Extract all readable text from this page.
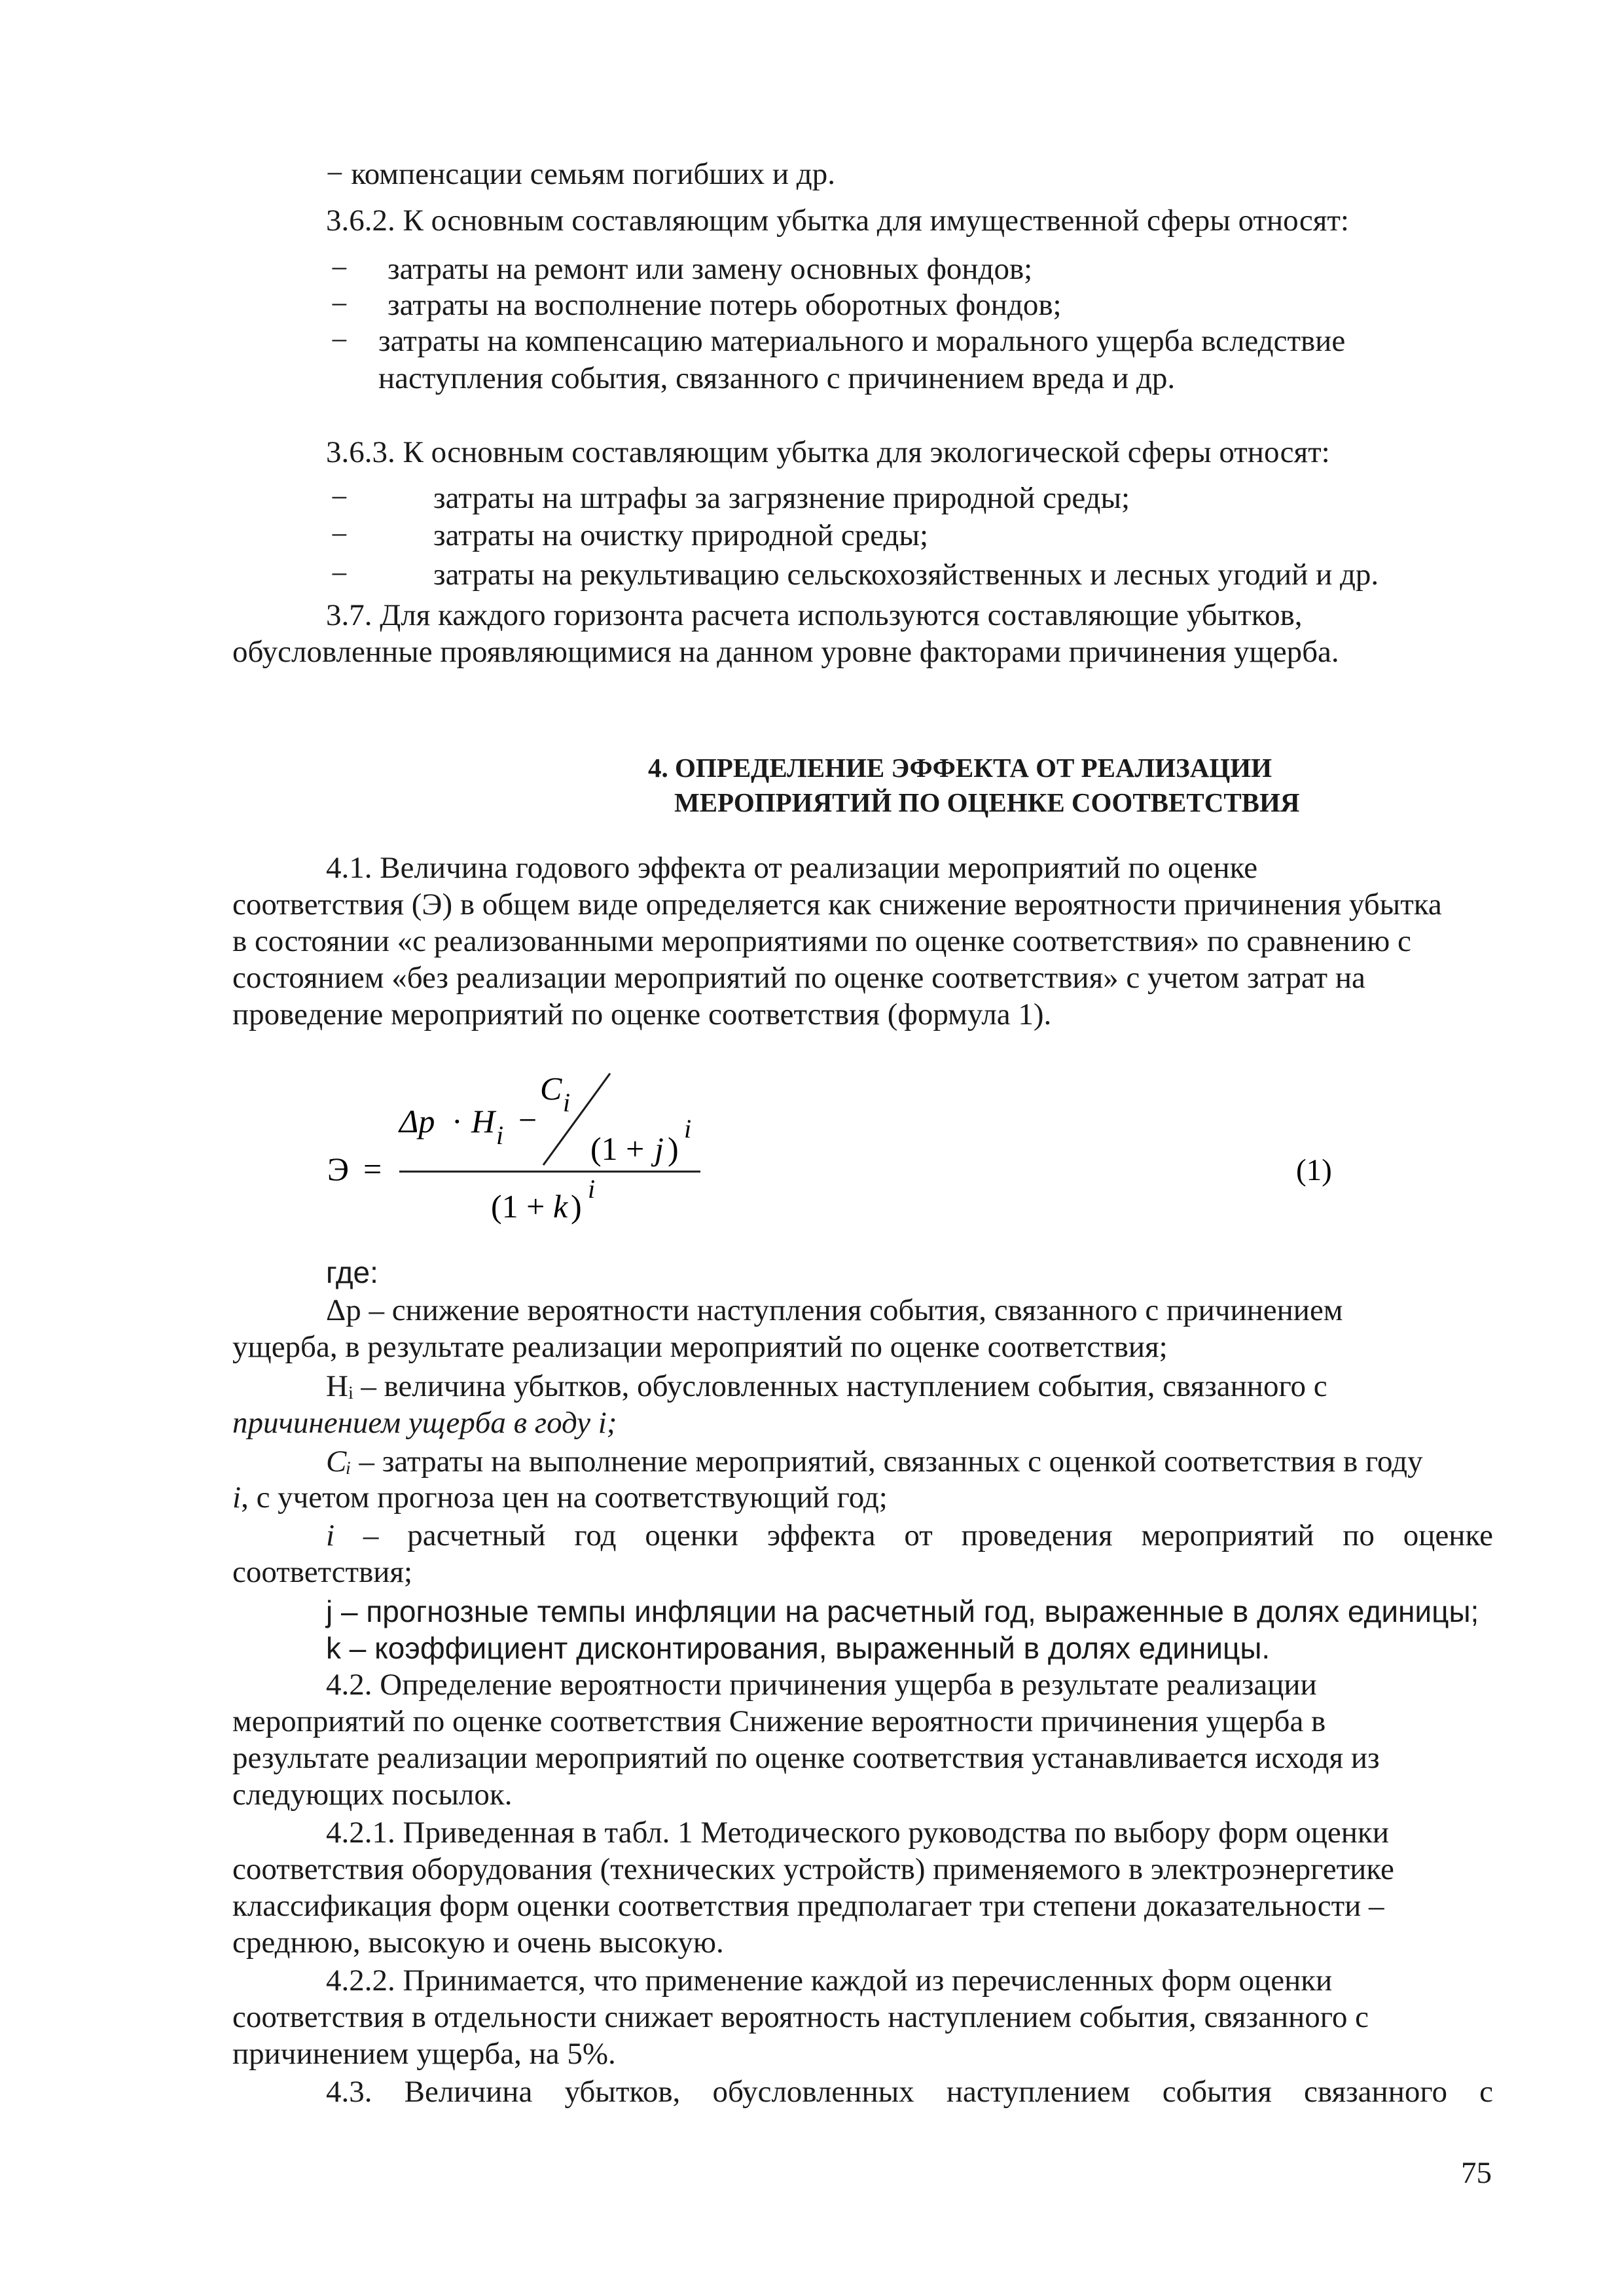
− компенсации семьям погибших и др.

3.6.2. К основным составляющим убытка для имущественной сферы относят:

− затраты на ремонт или замену основных фондов;

− затраты на восполнение потерь оборотных фондов;

− затраты на компенсацию материального и морального ущерба вследствие

наступления события, связанного с причинением вреда и др.

3.6.3. К основным составляющим убытка для экологической сферы относят:

−	затраты на штрафы за загрязнение природной среды;

−	затраты на очистку природной среды;

−	затраты на рекультивацию сельскохозяйственных и лесных угодий и др.

3.7. Для каждого горизонта расчета используются составляющие убытков,

обусловленные проявляющимися на данном уровне факторами причинения ущерба.

4. ОПРЕДЕЛЕНИЕ ЭФФЕКТА ОТ РЕАЛИЗАЦИИ

МЕРОПРИЯТИЙ ПО ОЦЕНКЕ СООТВЕТСТВИЯ

4.1. Величина годового эффекта от реализации мероприятий по оценке

соответствия (Э) в общем виде определяется как снижение вероятности причинения убытка

в состоянии «с реализованными мероприятиями по оценке соответствия» по сравнению с

состоянием «без реализации мероприятий по оценке соответствия» с учетом затрат на

проведение мероприятий по оценке соответствия (формула 1).

Э =
Δp · H i −
C i
(1 + j )
i
(1 + k ) i
(1)

где:

Δр – снижение вероятности наступления события, связанного с причинением

ущерба, в результате реализации мероприятий по оценке соответствия;

Hᵢ – величина убытков, обусловленных наступлением события, связанного с

причинением ущерба в году i;

Cᵢ – затраты на выполнение мероприятий, связанных с оценкой соответствия в году

i, с учетом прогноза цен на соответствующий год;

i – расчетный год оценки эффекта от проведения мероприятий по оценке

соответствия;

j – прогнозные темпы инфляции на расчетный год, выраженные в долях единицы;

k – коэффициент дисконтирования, выраженный в долях единицы.

4.2. Определение вероятности причинения ущерба в результате реализации

мероприятий по оценке соответствия Снижение вероятности причинения ущерба в

результате реализации мероприятий по оценке соответствия устанавливается исходя из

следующих посылок.

4.2.1. Приведенная в табл. 1 Методического руководства по выбору форм оценки

соответствия оборудования (технических устройств) применяемого в электроэнергетике

классификация форм оценки соответствия предполагает три степени доказательности –

среднюю, высокую и очень высокую.

4.2.2. Принимается, что применение каждой из перечисленных форм оценки

соответствия в отдельности снижает вероятность наступлением события, связанного с

причинением ущерба, на 5%.

4.3. Величина убытков, обусловленных наступлением события связанного с

75
